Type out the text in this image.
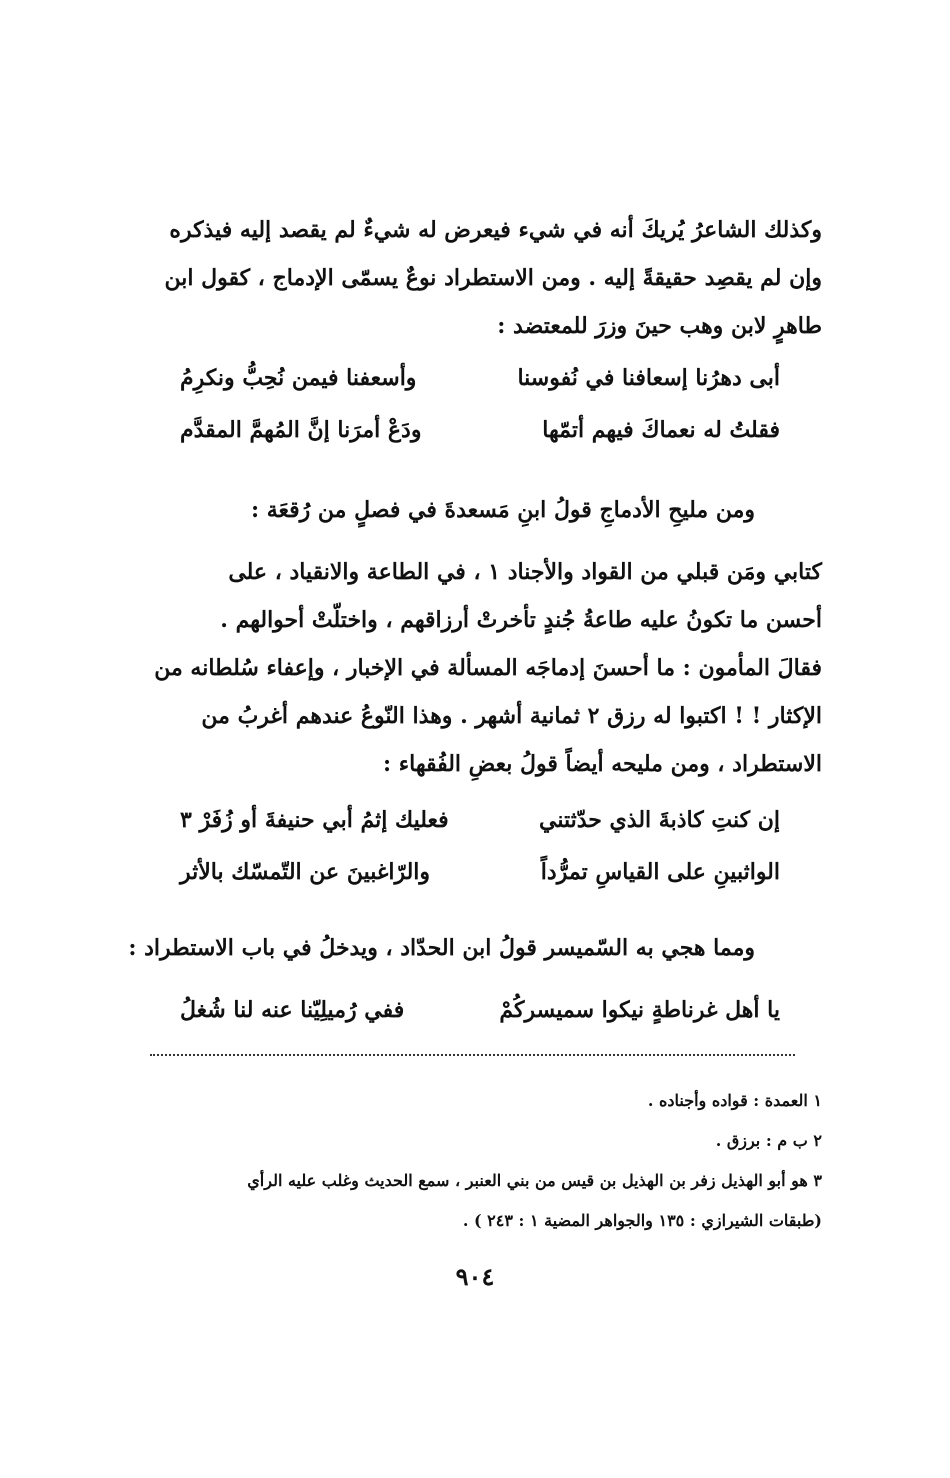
وكذلك الشاعرُ يُريكَ أنه في شيء فيعرض له شيءٌ لم يقصد إليه فيذكره

وإن لم يقصِد حقيقةً إليه . ومن الاستطراد نوعٌ يسمّى الإدماج ، كقول ابن

طاهرٍ لابن وهب حينَ وزرَ للمعتضد :

أبى دهرُنا إسعافنا في نُفوسنا
وأسعفنا فيمن نُحِبُّ ونكرِمُ
فقلتُ له نعماكَ فيهم أتمّها
ودَعْ أمرَنا إنَّ المُهمَّ المقدَّم
ومن مليحِ الأدماجِ قولُ ابنِ مَسعدةَ في فصلٍ من رُقعَة :

كتابي ومَن قبلي من القواد والأجناد ١ ، في الطاعة والانقياد ، على

أحسن ما تكونُ عليه طاعةُ جُندٍ تأخرتْ أرزاقهم ، واختلّتْ أحوالهم .

فقالَ المأمون : ما أحسنَ إدماجَه المسألة في الإخبار ، وإعفاء سُلطانه من

الإكثار ! ! اكتبوا له رزق ٢ ثمانية أشهر . وهذا النّوعُ عندهم أغربُ من

الاستطراد ، ومن مليحه أيضاً قولُ بعضِ الفُقهاء :

إن كنتِ كاذبةَ الذي حدّثتني
فعليك إثمُ أبي حنيفةَ أو زُفَرْ ٣
الواثبينِ على القياسِ تمرُّداً
والرّاغبينَ عن التّمسّك بالأثر
ومما هجي به السّميسر قولُ ابن الحدّاد ، ويدخلُ في باب الاستطراد :
يا أهل غرناطةٍ نيكوا سميسركُمْ
ففي رُميلِيّنا عنه لنا شُغلُ
١ العمدة : قواده وأجناده .
٢ ب م : برزق .
٣ هو أبو الهذيل زفر بن الهذيل بن قيس من بني العنبر ، سمع الحديث وغلب عليه الرأي
(طبقات الشيرازي : ١٣٥ والجواهر المضية ١ : ٢٤٣ ) .
٩٠٤
